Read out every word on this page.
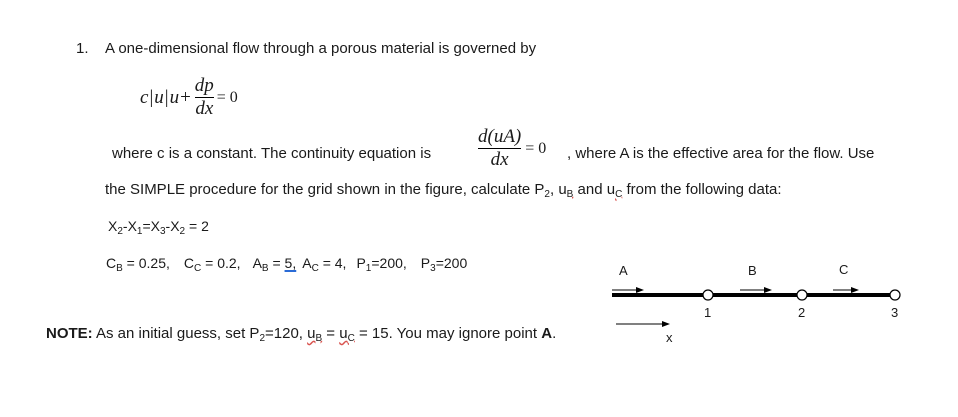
1. A one-dimensional flow through a porous material is governed by
c | u | $u + \frac{dp}{dx} = 0$
where c is a constant. The continuity equation is $\frac{d(uA)}{dx} = 0$ , where A is the effective area for the flow. Use
the SIMPLE procedure for the grid shown in the figure, calculate $P_2$, $u_B$ and $u_C$ from the following data:
$X_2-X_1=X_3-X_2 = 2$
$C_B = 0.25$, $C_C = 0.2$, $A_B = 5$, $A_C = 4$, $P_1=200$, $P_3=200$
NOTE: As an initial guess, set $P_2=120$, $u_B = u_C = 15$. You may ignore point A.
A	B	C
1	2	3
x
